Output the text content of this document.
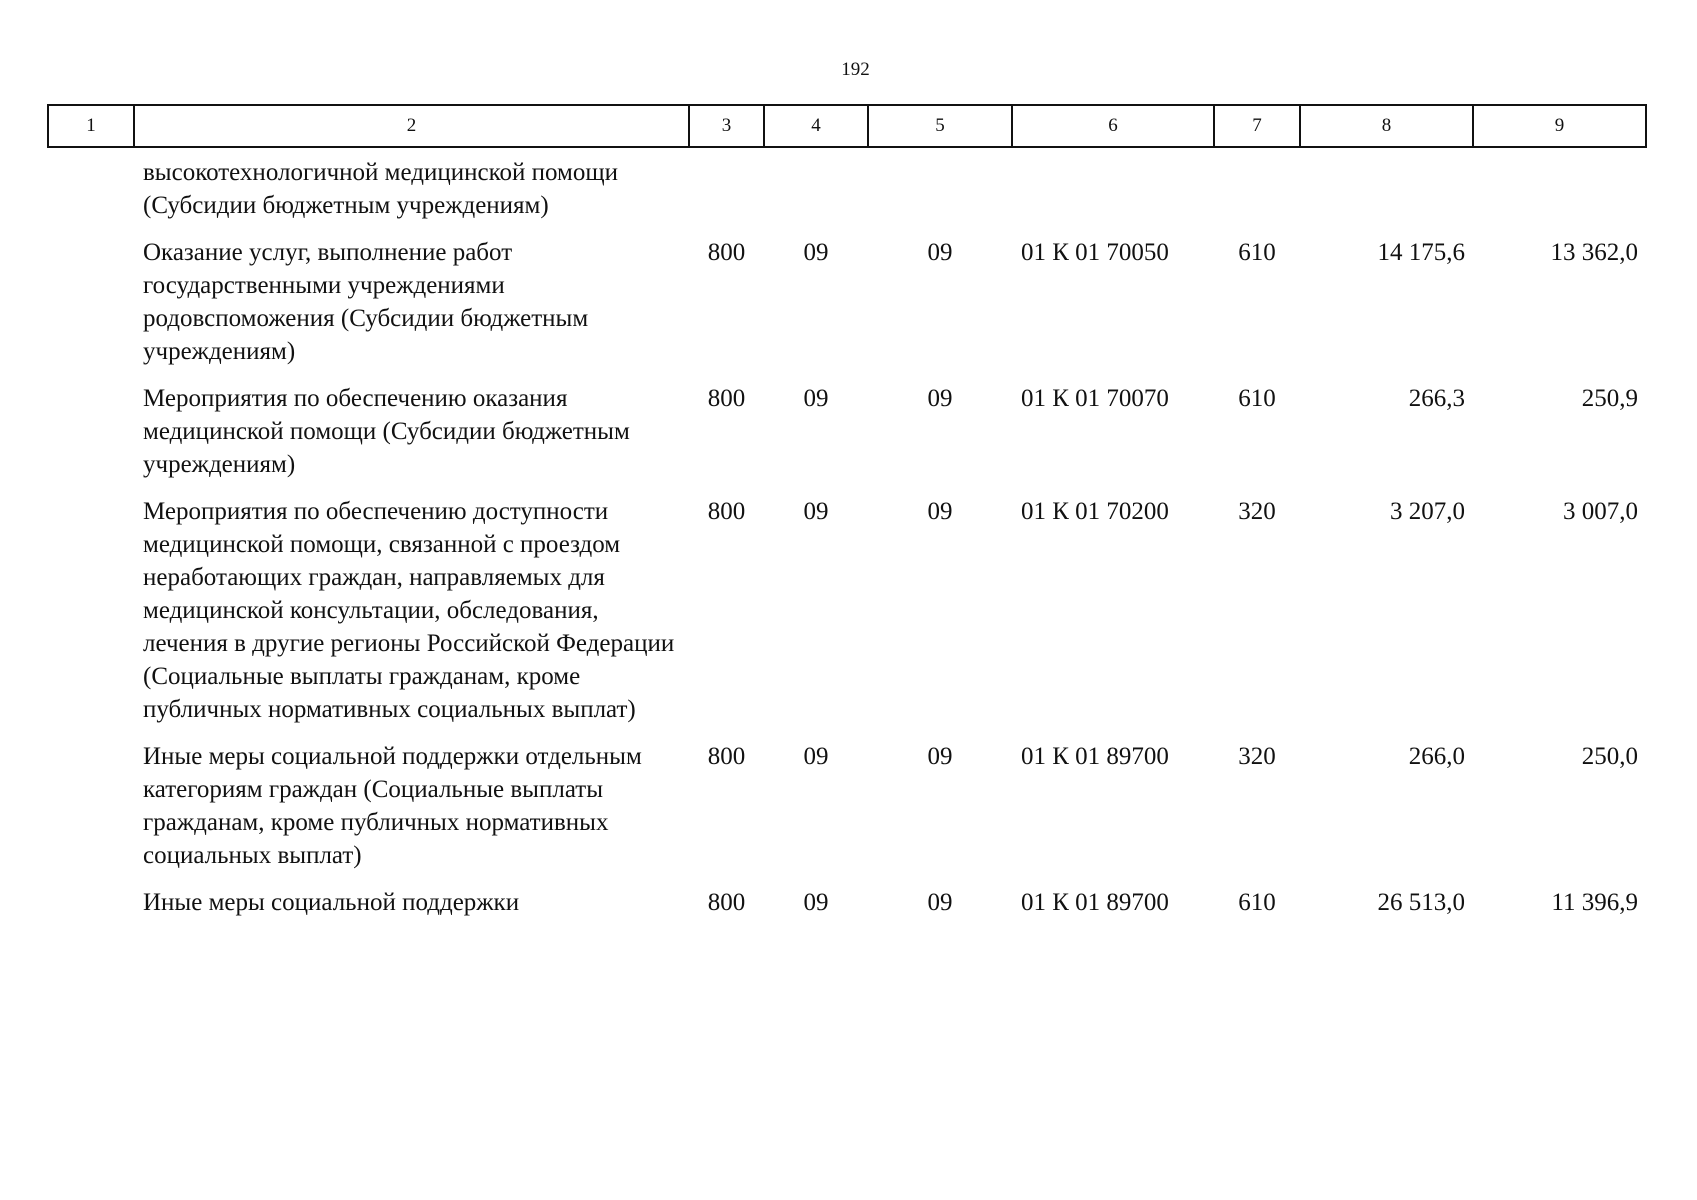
192
1	2	3	4	5	6	7	8	9
	высокотехнологичной медицинской помощи (Субсидии бюджетным учреждениям)							
	Оказание услуг, выполнение работ государственными учреждениями родовспоможения (Субсидии бюджетным учреждениям)	800	09	09	01 К 01 70050	610	14 175,6	13 362,0
	Мероприятия по обеспечению оказания медицинской помощи (Субсидии бюджетным учреждениям)	800	09	09	01 К 01 70070	610	266,3	250,9
	Мероприятия по обеспечению доступности медицинской помощи, связанной с проездом неработающих граждан, направляемых для медицинской консультации, обследования, лечения в другие регионы Российской Федерации (Социальные выплаты гражданам, кроме публичных нормативных социальных выплат)	800	09	09	01 К 01 70200	320	3 207,0	3 007,0
	Иные меры социальной поддержки отдельным категориям граждан (Социальные выплаты гражданам, кроме публичных нормативных социальных выплат)	800	09	09	01 К 01 89700	320	266,0	250,0
	Иные меры социальной поддержки	800	09	09	01 К 01 89700	610	26 513,0	11 396,9
